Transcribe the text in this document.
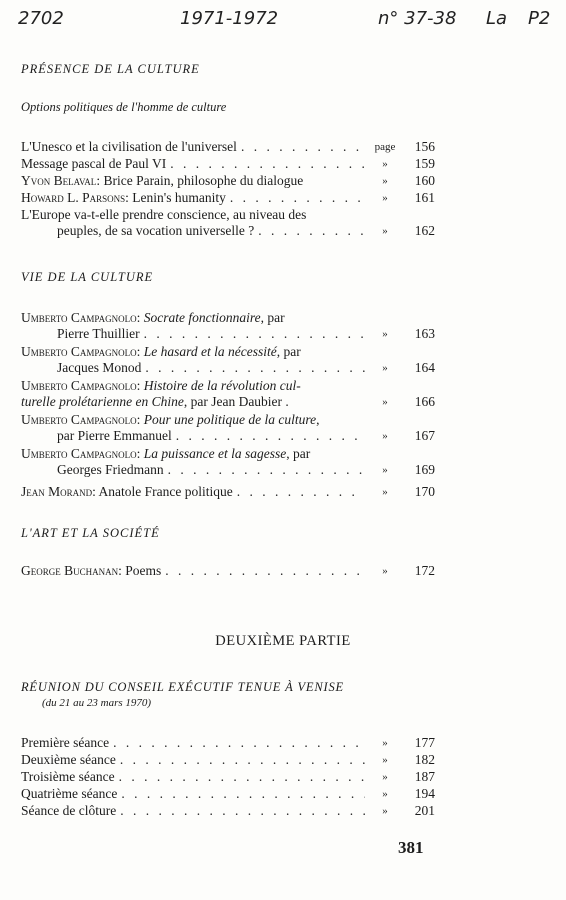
2702	1971-1972	n° 37-38 La P2
PRÉSENCE DE LA CULTURE
Options politiques de l'homme de culture
L'Unesco et la civilisation de l'universel . . .	page	156
Message pascal de Paul VI . . .	»	159
Yvon Belaval: Brice Parain, philosophe du dialogue	»	160
Howard L. Parsons: Lenin's humanity . . .	»	161
L'Europe va-t-elle prendre conscience, au niveau des
peuples, de sa vocation universelle ? . . .	»	162
VIE DE LA CULTURE
Umberto Campagnolo: Socrate fonctionnaire, par
Pierre Thuillier . . .	»	163
Umberto Campagnolo: Le hasard et la nécessité, par
Jacques Monod . . .	»	164
Umberto Campagnolo: Histoire de la révolution cul-
turelle prolétarienne en Chine, par Jean Daubier .	»	166
Umberto Campagnolo: Pour une politique de la culture,
par Pierre Emmanuel . . .	»	167
Umberto Campagnolo: La puissance et la sagesse, par
Georges Friedmann . . .	»	169
Jean Morand: Anatole France politique . . .	»	170
L'ART ET LA SOCIÉTÉ
George Buchanan: Poems . . .	»	172
DEUXIÈME PARTIE
RÉUNION DU CONSEIL EXÉCUTIF TENUE À VENISE
(du 21 au 23 mars 1970)
Première séance . . .	»	177
Deuxième séance . . .	»	182
Troisième séance . . .	»	187
Quatrième séance . . .	»	194
Séance de clôture . . .	»	201
381
